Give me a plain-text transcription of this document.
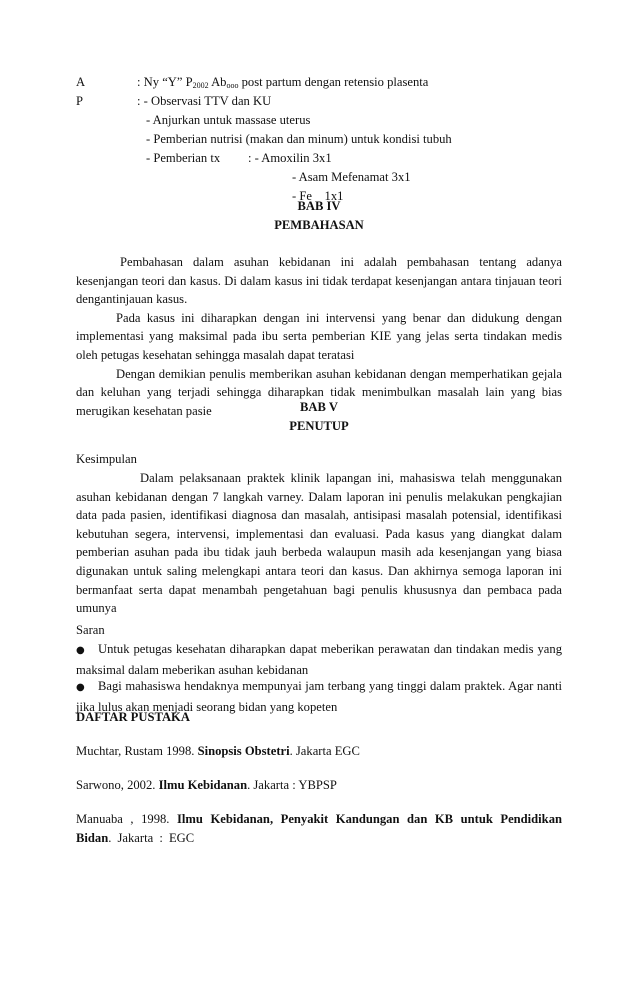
A	: Ny “Y” $P_{2002}$ $Ab_{ooo}$ post partum dengan retensio plasenta
P	: - Observasi TTV dan KU
- Anjurkan untuk massase uterus
- Pemberian nutrisi (makan dan minum) untuk kondisi tubuh
- Pemberian tx : - Amoxilin 3x1
- Asam Mefenamat 3x1
- Fe    1x1
BAB IV
PEMBAHASAN

Pembahasan dalam asuhan kebidanan ini adalah pembahasan tentang adanya kesenjangan teori dan kasus. Di dalam kasus ini tidak terdapat kesenjangan antara tinjauan teori dengantinjauan kasus.

Pada kasus ini diharapkan dengan ini intervensi yang benar dan didukung dengan implementasi yang maksimal pada ibu serta pemberian KIE yang jelas serta tindakan medis oleh petugas kesehatan sehingga masalah dapat teratasi

Dengan demikian penulis memberikan asuhan kebidanan dengan memperhatikan gejala dan keluhan yang terjadi sehingga diharapkan tidak menimbulkan masalah lain yang bias merugikan kesehatan pasie	BAB V
PENUTUP
Kesimpulan

Dalam pelaksanaan praktek klinik lapangan ini, mahasiswa telah menggunakan asuhan kebidanan dengan 7 langkah varney. Dalam laporan ini penulis melakukan pengkajian data pada pasien, identifikasi diagnosa dan masalah, antisipasi masalah potensial, identifikasi kebutuhan segera, intervensi, implementasi dan evaluasi. Pada kasus yang diangkat dalam pemberian asuhan pada ibu tidak jauh berbeda walaupun masih ada kesenjangan yang biasa digunakan untuk saling melengkapi antara teori dan kasus. Dan akhirnya semoga laporan ini bermanfaat serta dapat menambah pengetahuan bagi penulis khususnya dan pembaca pada umunya

Saran
● Untuk petugas kesehatan diharapkan dapat meberikan perawatan dan tindakan medis yang maksimal dalam meberikan asuhan kebidanan
● Bagi mahasiswa hendaknya mempunyai jam terbang yang tinggi dalam praktek. Agar nanti jika lulus akan menjadi seorang bidan yang kopeten
DAFTAR PUSTAKA
Muchtar, Rustam 1998. Sinopsis Obstetri. Jakarta EGC
Sarwono, 2002. Ilmu Kebidanan. Jakarta : YBPSP
Manuaba , 1998. Ilmu Kebidanan, Penyakit Kandungan dan KB untuk Pendidikan Bidan. Jakarta : EGC
